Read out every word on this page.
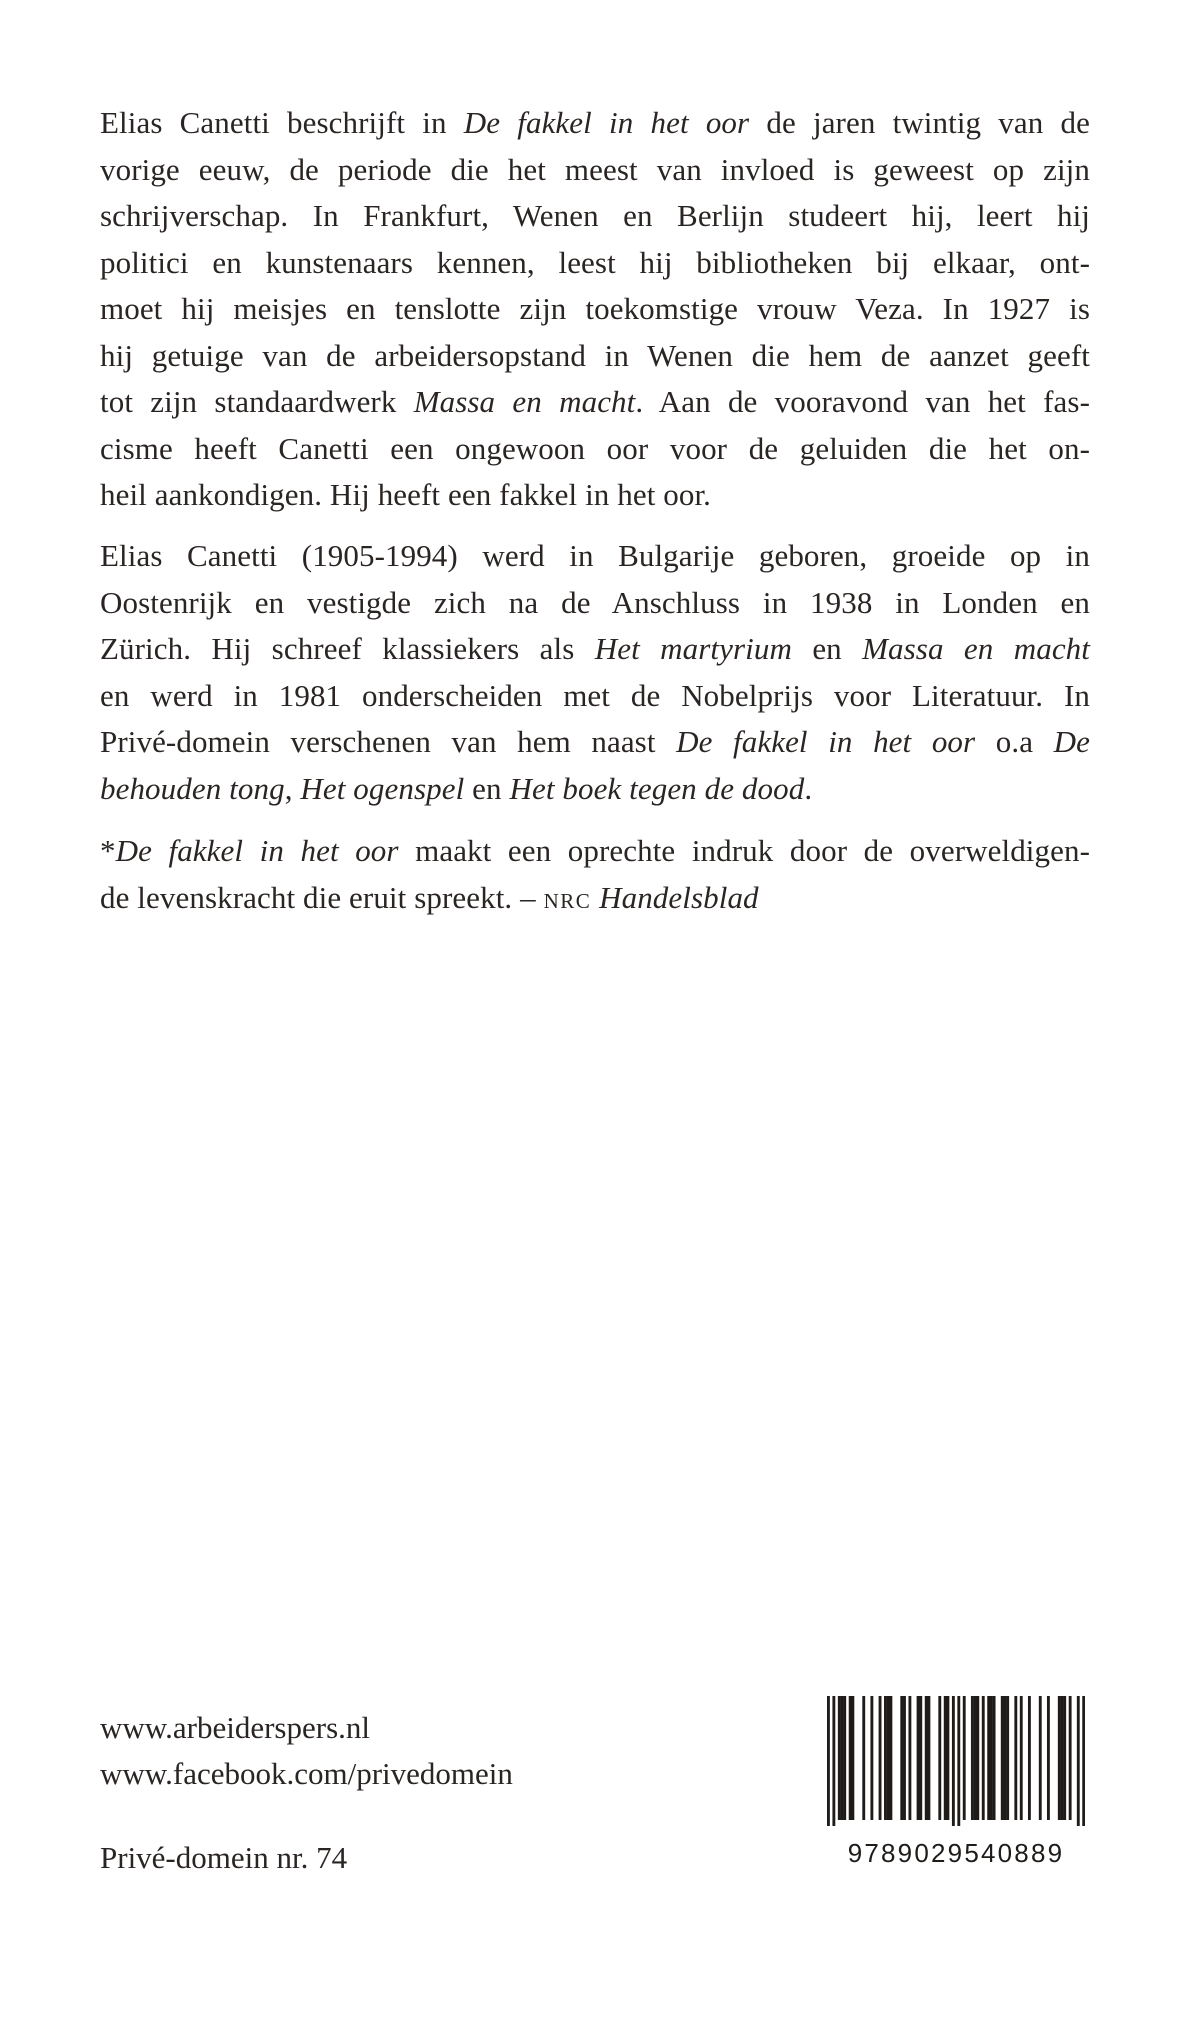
Elias Canetti beschrijft in De fakkel in het oor de jaren twintig van de
vorige eeuw, de periode die het meest van invloed is geweest op zijn
schrijverschap. In Frankfurt, Wenen en Berlijn studeert hij, leert hij
politici en kunstenaars kennen, leest hij bibliotheken bij elkaar, ont-
moet hij meisjes en tenslotte zijn toekomstige vrouw Veza. In 1927 is
hij getuige van de arbeidersopstand in Wenen die hem de aanzet geeft
tot zijn standaardwerk Massa en macht. Aan de vooravond van het fas-
cisme heeft Canetti een ongewoon oor voor de geluiden die het on-
heil aankondigen. Hij heeft een fakkel in het oor.
Elias Canetti (1905-1994) werd in Bulgarije geboren, groeide op in
Oostenrijk en vestigde zich na de Anschluss in 1938 in Londen en
Zürich. Hij schreef klassiekers als Het martyrium en Massa en macht
en werd in 1981 onderscheiden met de Nobelprijs voor Literatuur. In
Privé-domein verschenen van hem naast De fakkel in het oor o.a De
behouden tong, Het ogenspel en Het boek tegen de dood.
*De fakkel in het oor maakt een oprechte indruk door de overweldigen-
de levenskracht die eruit spreekt. – NRC Handelsblad
www.arbeiderspers.nl
www.facebook.com/privedomein
Privé-domein nr. 74	9789029540889
